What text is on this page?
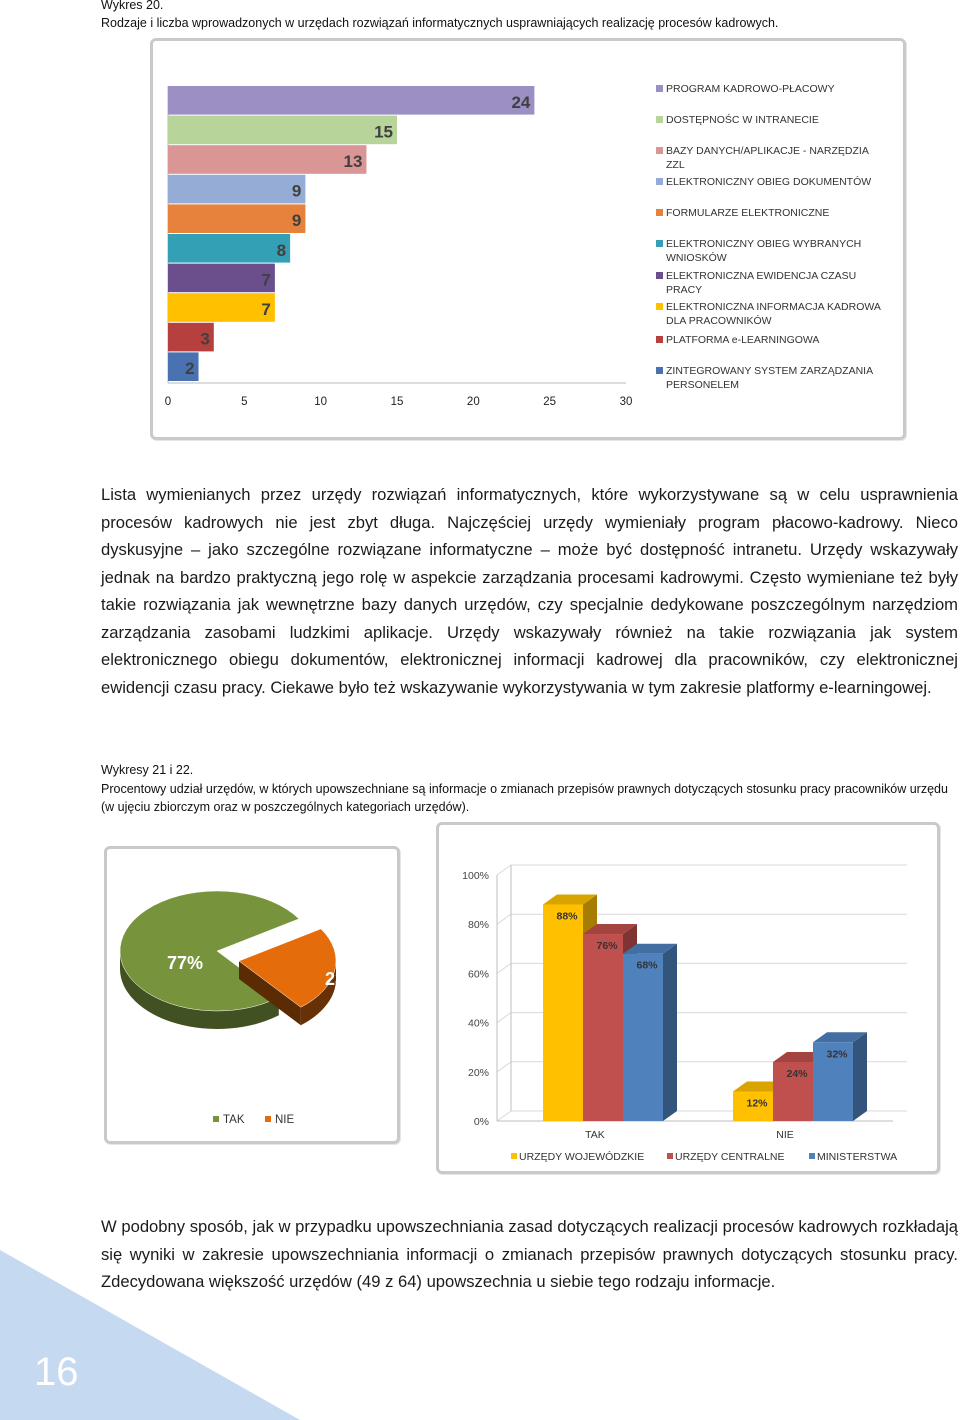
16
Wykres 20.
Rodzaje i liczba wprowadzonych w urzędach rozwiązań informatycznych usprawniających realizację procesów kadrowych.
0	5	10	15	20	25	30
24
15
13
9
9
8
7
7
3
2
PROGRAM KADROWO-PŁACOWY
DOSTĘPNOŚC W INTRANECIE
BAZY DANYCH/APLIKACJE - NARZĘDZIA
ZZL
ELEKTRONICZNY OBIEG DOKUMENTÓW
FORMULARZE ELEKTRONICZNE
ELEKTRONICZNY OBIEG WYBRANYCH
WNIOSKÓW
ELEKTRONICZNA EWIDENCJA CZASU
PRACY
ELEKTRONICZNA INFORMACJA KADROWA
DLA PRACOWNIKÓW
PLATFORMA e-LEARNINGOWA
ZINTEGROWANY SYSTEM ZARZĄDZANIA
PERSONELEM
Lista wymienianych przez urzędy rozwiązań informatycznych, które wykorzystywane są w celu usprawnienia procesów kadrowych nie jest zbyt długa. Najczęściej urzędy wymieniały program płacowo-kadrowy. Nieco dyskusyjne – jako szczególne rozwiązane informatyczne – może być dostępność intranetu. Urzędy wskazywały jednak na bardzo praktyczną jego rolę w aspekcie zarządzania procesami kadrowymi. Często wymieniane też były takie rozwiązania jak wewnętrzne bazy danych urzędów, czy specjalnie dedykowane poszczególnym narzędziom zarządzania zasobami ludzkimi aplikacje. Urzędy wskazywały również na takie rozwiązania jak system elektronicznego obiegu dokumentów, elektronicznej informacji kadrowej dla pracowników, czy elektronicznej ewidencji czasu pracy. Ciekawe było też wskazywanie wykorzystywania w tym zakresie platformy e-learningowej.
Wykresy 21 i 22.
Procentowy udział urzędów, w których upowszechniane są informacje o zmianach przepisów prawnych dotyczących stosunku pracy pracowników urzędu (w ujęciu zbiorczym oraz w poszczególnych kategoriach urzędów).
77%
23%
TAK	NIE	0%
20%
40%
60%
80%
100%
88%
76%
68%
TAK
12%
24%
32%
NIE
URZĘDY WOJEWÓDZKIE	URZĘDY CENTRALNE	MINISTERSTWA
W podobny sposób, jak w przypadku upowszechniania zasad dotyczących realizacji procesów kadrowych rozkładają się wyniki w zakresie upowszechniania informacji o zmianach przepisów prawnych dotyczących stosunku pracy. Zdecydowana większość urzędów (49 z 64) upowszechnia u siebie tego rodzaju informacje.
